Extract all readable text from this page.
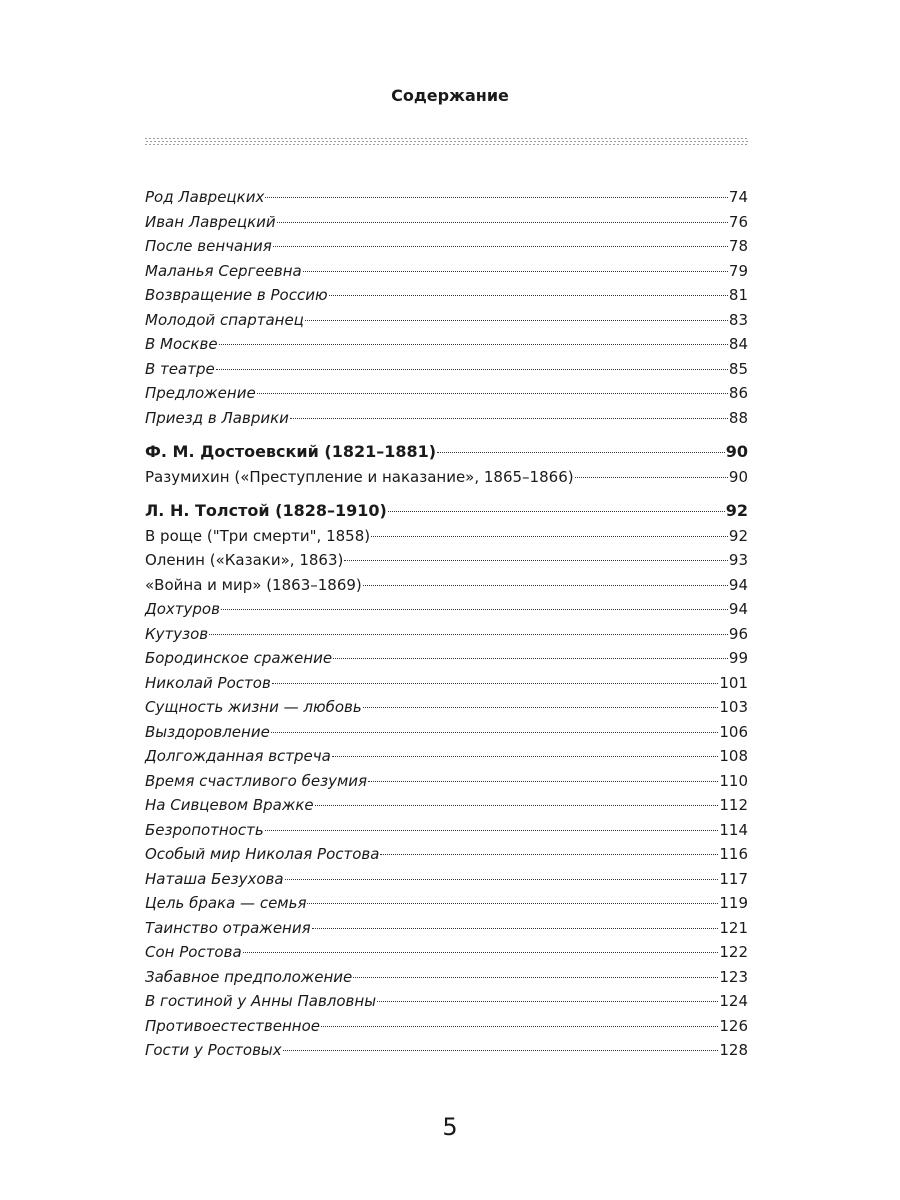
Содержание
Род Лаврецких	74
Иван Лаврецкий	76
После венчания	78
Маланья Сергеевна	79
Возвращение в Россию	81
Молодой спартанец	83
В Москве	84
В театре	85
Предложение	86
Приезд в Лаврики	88
Ф. М. Достоевский (1821–1881)	90
Разумихин («Преступление и наказание», 1865–1866)	90
Л. Н. Толстой (1828–1910)	92
В роще ("Три смерти", 1858)	92
Оленин («Казаки», 1863)	93
«Война и мир» (1863–1869)	94
Дохтуров	94
Кутузов	96
Бородинское сражение	99
Николай Ростов	101
Сущность жизни — любовь	103
Выздоровление	106
Долгожданная встреча	108
Время счастливого безумия	110
На Сивцевом Вражке	112
Безропотность	114
Особый мир Николая Ростова	116
Наташа Безухова	117
Цель брака — семья	119
Таинство отражения	121
Сон Ростова	122
Забавное предположение	123
В гостиной у Анны Павловны	124
Противоестественное	126
Гости у Ростовых	128
5
